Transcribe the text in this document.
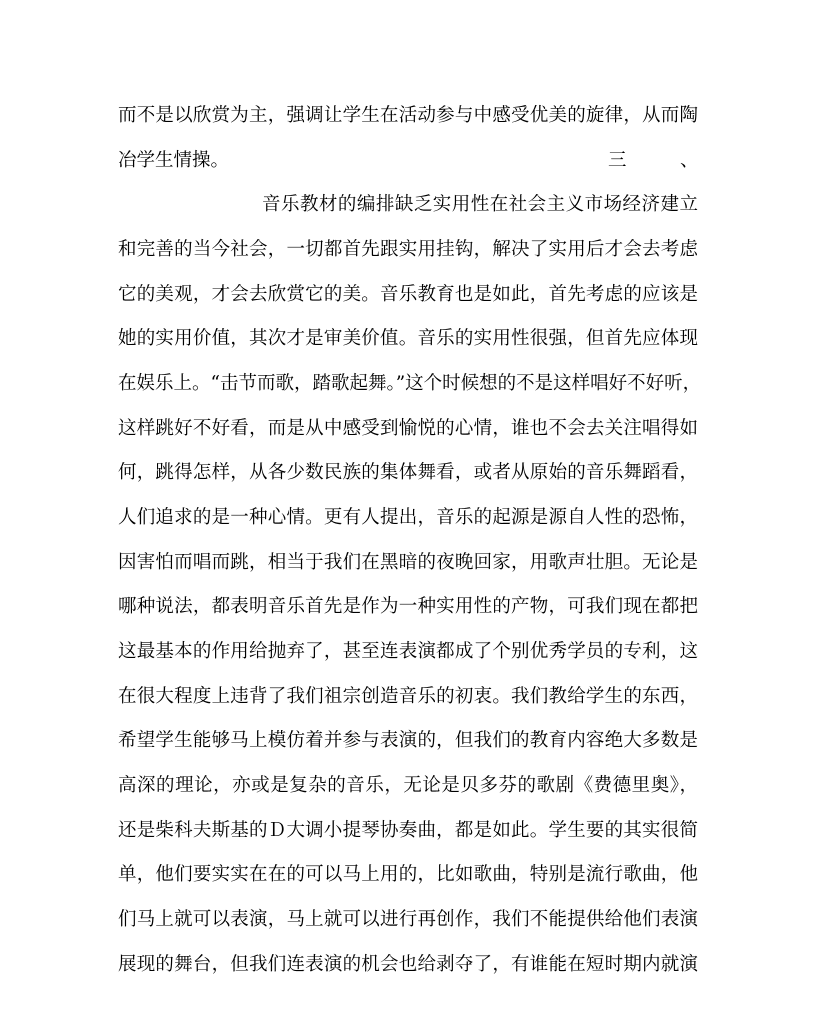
而不是以欣赏为主，强调让学生在活动参与中感受优美的旋律，从而陶
冶学生情操。	三	、
音乐教材的编排缺乏实用性在社会主义市场经济建立
和完善的当今社会，一切都首先跟实用挂钩，解决了实用后才会去考虑
它的美观，才会去欣赏它的美。音乐教育也是如此，首先考虑的应该是
她的实用价值，其次才是审美价值。音乐的实用性很强，但首先应体现
在娱乐上。“击节而歌，踏歌起舞。”这个时候想的不是这样唱好不好听，
这样跳好不好看，而是从中感受到愉悦的心情，谁也不会去关注唱得如
何，跳得怎样，从各少数民族的集体舞看，或者从原始的音乐舞蹈看，
人们追求的是一种心情。更有人提出，音乐的起源是源自人性的恐怖，
因害怕而唱而跳，相当于我们在黑暗的夜晚回家，用歌声壮胆。无论是
哪种说法，都表明音乐首先是作为一种实用性的产物，可我们现在都把
这最基本的作用给抛弃了，甚至连表演都成了个别优秀学员的专利，这
在很大程度上违背了我们祖宗创造音乐的初衷。我们教给学生的东西，
希望学生能够马上模仿着并参与表演的，但我们的教育内容绝大多数是
高深的理论，亦或是复杂的音乐，无论是贝多芬的歌剧《费德里奥》，
还是柴科夫斯基的Ｄ大调小提琴协奏曲，都是如此。学生要的其实很简
单，他们要实实在在的可以马上用的，比如歌曲，特别是流行歌曲，他
们马上就可以表演，马上就可以进行再创作，我们不能提供给他们表演
展现的舞台，但我们连表演的机会也给剥夺了，有谁能在短时期内就演
